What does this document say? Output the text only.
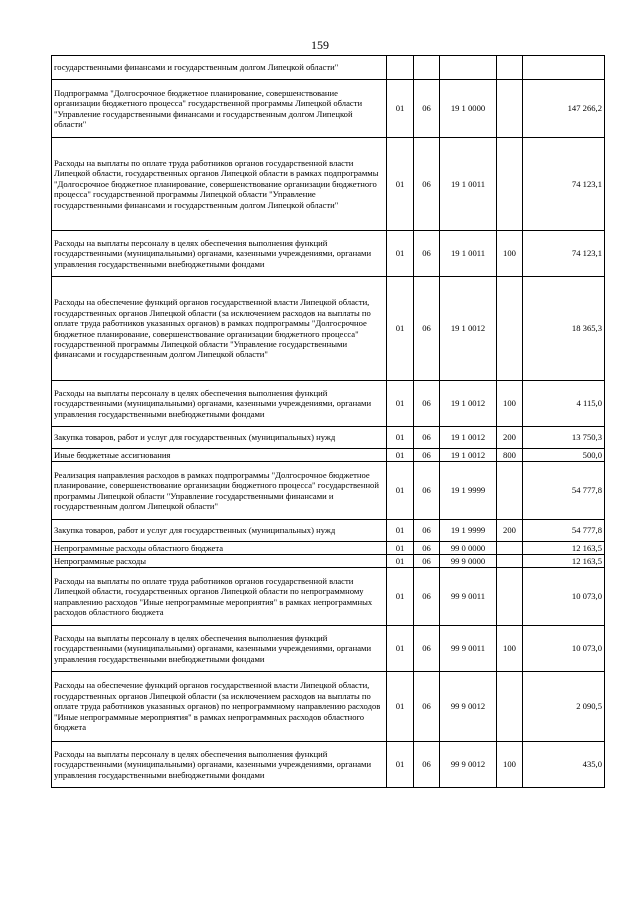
159
государственными финансами и государственным долгом Липецкой области"					
Подпрограмма "Долгосрочное бюджетное планирование, совершенствование организации бюджетного процесса" государственной программы Липецкой области "Управление государственными финансами и государственным долгом Липецкой области"	01	06	19 1 0000		147 266,2
Расходы на выплаты по оплате труда работников органов государственной власти Липецкой области, государственных органов Липецкой области в рамках подпрограммы "Долгосрочное бюджетное планирование, совершенствование организации бюджетного процесса" государственной программы Липецкой области "Управление государственными финансами и государственным долгом Липецкой области"	01	06	19 1 0011		74 123,1
Расходы на выплаты персоналу в целях обеспечения выполнения функций государственными (муниципальными) органами, казенными учреждениями, органами управления государственными внебюджетными фондами	01	06	19 1 0011	100	74 123,1
Расходы на обеспечение функций органов государственной власти Липецкой области, государственных органов Липецкой области (за исключением расходов на выплаты по оплате труда работников указанных органов) в рамках подпрограммы "Долгосрочное бюджетное планирование, совершенствование организации бюджетного процесса" государственной программы Липецкой области "Управление государственными финансами и государственным долгом Липецкой области"	01	06	19 1 0012		18 365,3
Расходы на выплаты персоналу в целях обеспечения выполнения функций государственными (муниципальными) органами, казенными учреждениями, органами управления государственными внебюджетными фондами	01	06	19 1 0012	100	4 115,0
Закупка товаров, работ и услуг для государственных (муниципальных) нужд	01	06	19 1 0012	200	13 750,3
Иные бюджетные ассигнования	01	06	19 1 0012	800	500,0
Реализация направления расходов в рамках подпрограммы "Долгосрочное бюджетное планирование, совершенствование организации бюджетного процесса" государственной программы Липецкой области "Управление государственными финансами и государственным долгом Липецкой области"	01	06	19 1 9999		54 777,8
Закупка товаров, работ и услуг для государственных (муниципальных) нужд	01	06	19 1 9999	200	54 777,8
Непрограммные расходы областного бюджета	01	06	99 0 0000		12 163,5
Непрограммные расходы	01	06	99 9 0000		12 163,5
Расходы на выплаты по оплате труда работников органов государственной власти Липецкой области, государственных органов Липецкой области по непрограммному направлению расходов "Иные непрограммные мероприятия" в рамках непрограммных расходов областного бюджета	01	06	99 9 0011		10 073,0
Расходы на выплаты персоналу в целях обеспечения выполнения функций государственными (муниципальными) органами, казенными учреждениями, органами управления государственными внебюджетными фондами	01	06	99 9 0011	100	10 073,0
Расходы на обеспечение функций органов государственной власти Липецкой области, государственных органов Липецкой области (за исключением расходов на выплаты по оплате труда работников указанных органов) по непрограммному направлению расходов "Иные непрограммные мероприятия" в рамках непрограммных расходов областного бюджета	01	06	99 9 0012		2 090,5
Расходы на выплаты персоналу в целях обеспечения выполнения функций государственными (муниципальными) органами, казенными учреждениями, органами управления государственными внебюджетными фондами	01	06	99 9 0012	100	435,0
